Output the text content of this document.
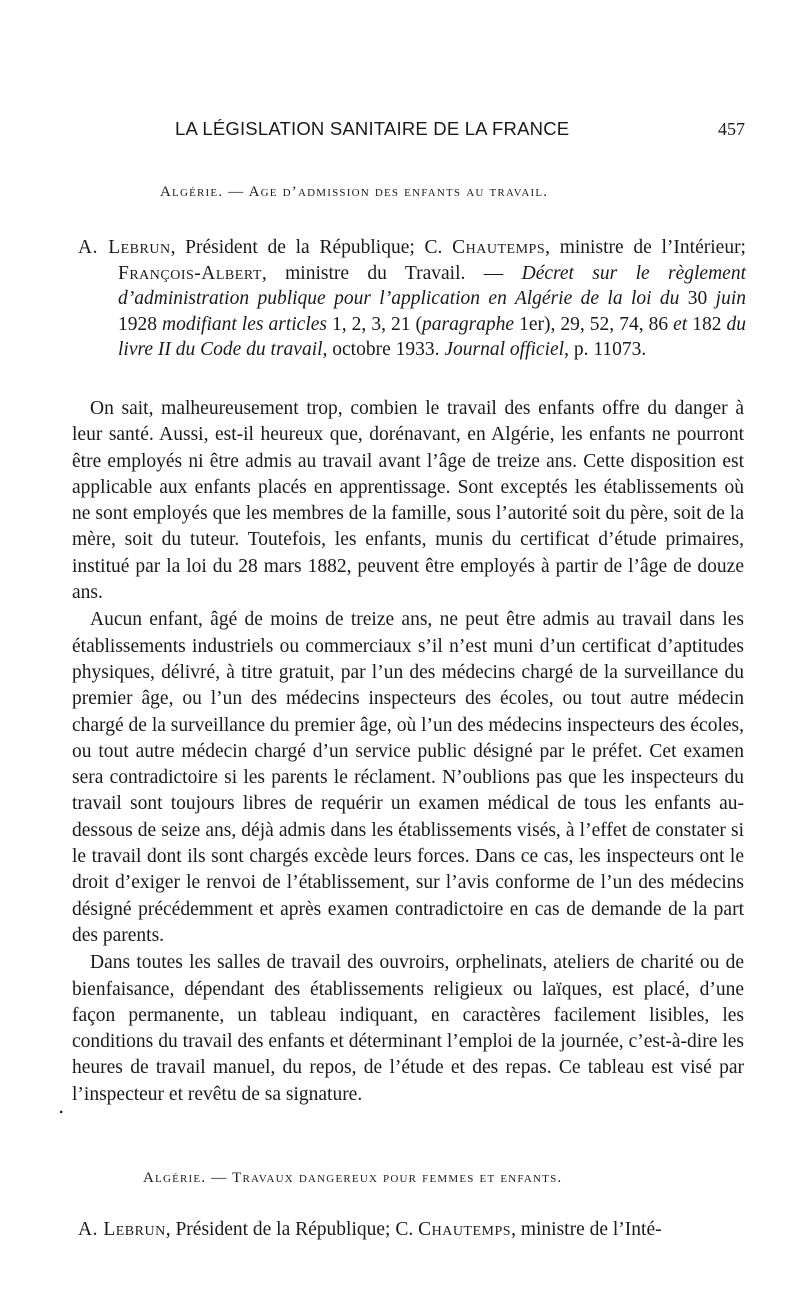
LA LÉGISLATION SANITAIRE DE LA FRANCE	457
Algérie. — Age d’admission des enfants au travail.
A. Lebrun, Président de la République; C. Chautemps, ministre de l’Intérieur; François-Albert, ministre du Travail. — Décret sur le règlement d’administration publique pour l’application en Algérie de la loi du 30 juin 1928 modifiant les articles 1, 2, 3, 21 (paragraphe 1er), 29, 52, 74, 86 et 182 du livre II du Code du travail, octobre 1933. Journal officiel, p. 11073.

On sait, malheureusement trop, combien le travail des enfants offre du danger à leur santé. Aussi, est-il heureux que, dorénavant, en Algérie, les enfants ne pourront être employés ni être admis au travail avant l’âge de treize ans. Cette disposition est applicable aux enfants placés en apprentissage. Sont exceptés les établissements où ne sont employés que les membres de la famille, sous l’autorité soit du père, soit de la mère, soit du tuteur. Toutefois, les enfants, munis du certificat d’étude primaires, institué par la loi du 28 mars 1882, peuvent être employés à partir de l’âge de douze ans.

Aucun enfant, âgé de moins de treize ans, ne peut être admis au travail dans les établissements industriels ou commerciaux s’il n’est muni d’un certificat d’aptitudes physiques, délivré, à titre gratuit, par l’un des médecins chargé de la surveillance du premier âge, ou l’un des médecins inspecteurs des écoles, ou tout autre médecin chargé de la surveillance du premier âge, où l’un des médecins inspecteurs des écoles, ou tout autre médecin chargé d’un service public désigné par le préfet. Cet examen sera contradictoire si les parents le réclament. N’oublions pas que les inspecteurs du travail sont toujours libres de requérir un examen médical de tous les enfants au-dessous de seize ans, déjà admis dans les établissements visés, à l’effet de constater si le travail dont ils sont chargés excède leurs forces. Dans ce cas, les inspecteurs ont le droit d’exiger le renvoi de l’établissement, sur l’avis conforme de l’un des médecins désigné précédemment et après examen contradictoire en cas de demande de la part des parents.

Dans toutes les salles de travail des ouvroirs, orphelinats, ateliers de charité ou de bienfaisance, dépendant des établissements religieux ou laïques, est placé, d’une façon permanente, un tableau indiquant, en caractères facilement lisibles, les conditions du travail des enfants et déterminant l’emploi de la journée, c’est-à-dire les heures de travail manuel, du repos, de l’étude et des repas. Ce tableau est visé par l’inspecteur et revêtu de sa signature.

.
Algérie. — Travaux dangereux pour femmes et enfants.
A. Lebrun, Président de la République; C. Chautemps, ministre de l’Inté-
